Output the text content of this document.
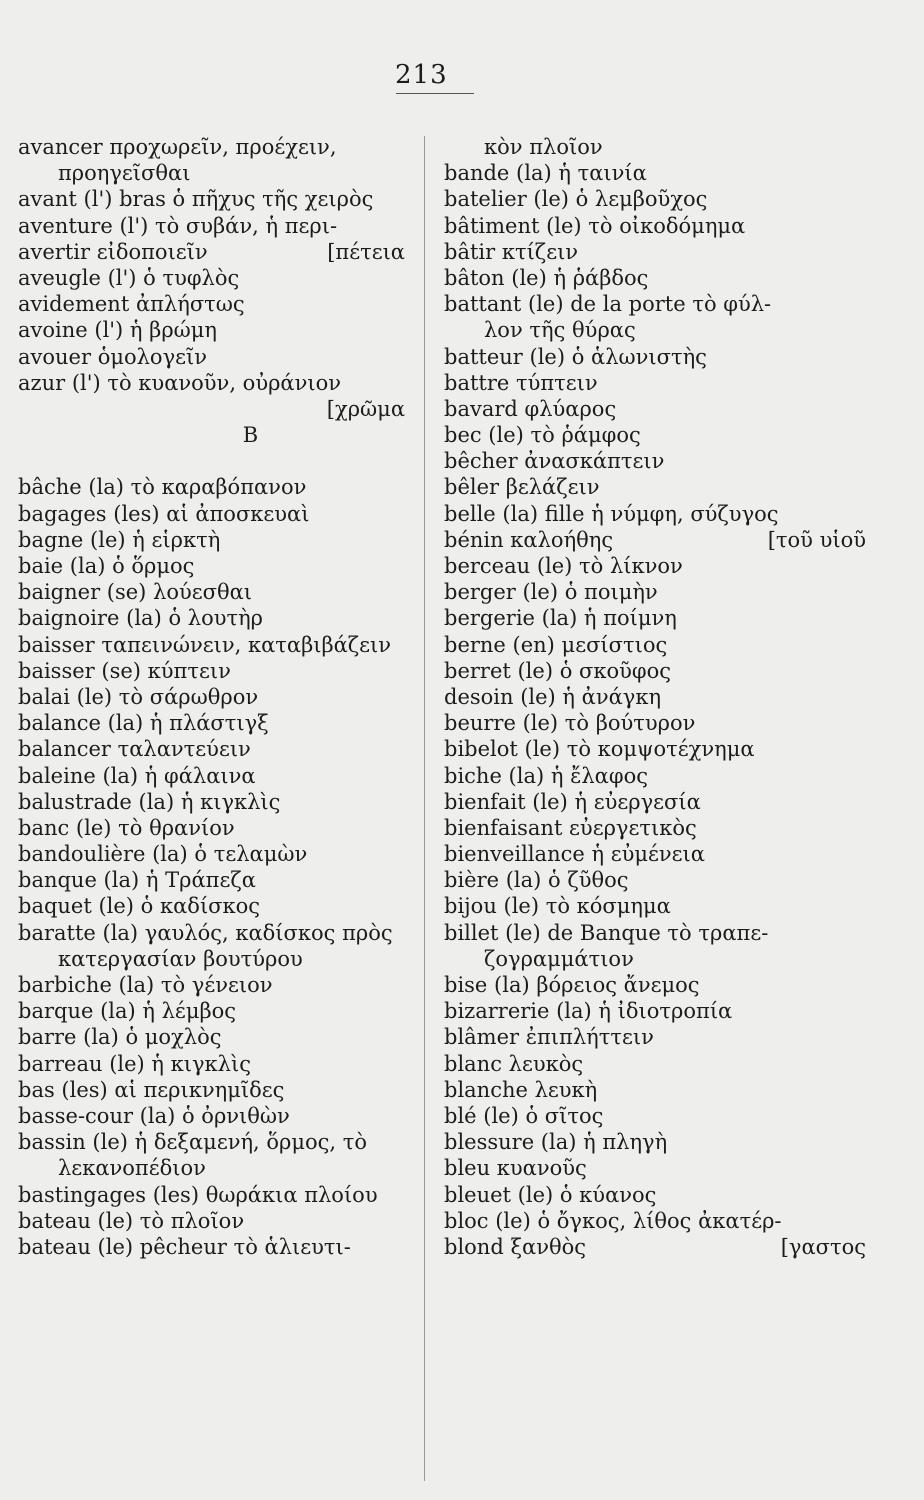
213
avancer προχωρεῖν, προέχειν,
προηγεῖσθαι
avant (l') bras ὁ πῆχυς τῆς χειρὸς
aventure (l') τὸ συβάν, ἡ περι-
[πέτεια
avertir εἰδοποιεῖν
aveugle (l') ὁ τυφλὸς
avidement ἀπλήστως
avoine (l') ἡ βρώμη
avouer ὁμολογεῖν
azur (l') τὸ κυανοῦν, οὐράνιον
[χρῶμα
B
bâche (la) τὸ καραβόπανον
bagages (les) αἱ ἀποσκευαὶ
bagne (le) ἡ εἱρκτὴ
baie (la) ὁ ὅρμος
baigner (se) λούεσθαι
baignoire (la) ὁ λουτὴρ
baisser ταπεινώνειν, καταβιβάζειν
baisser (se) κύπτειν
balai (le) τὸ σάρωθρον
balance (la) ἡ πλάστιγξ
balancer ταλαντεύειν
baleine (la) ἡ φάλαινα
balustrade (la) ἡ κιγκλὶς
banc (le) τὸ θρανίον
bandoulière (la) ὁ τελαμὼν
banque (la) ἡ Τράπεζα
baquet (le) ὁ καδίσκος
baratte (la) γαυλός, καδίσκος πρὸς
κατεργασίαν βουτύρου
barbiche (la) τὸ γένειον
barque (la) ἡ λέμβος
barre (la) ὁ μοχλὸς
barreau (le) ἡ κιγκλὶς
bas (les) αἱ περικνημῖδες
basse-cour (la) ὁ ὀρνιθὼν
bassin (le) ἡ δεξαμενή, ὅρμος, τὸ
λεκανοπέδιον
bastingages (les) θωράκια πλοίου
bateau (le) τὸ πλοῖον
bateau (le) pêcheur τὸ ἁλιευτι-
κὸν πλοῖον
bande (la) ἡ ταινία
batelier (le) ὁ λεμβοῦχος
bâtiment (le) τὸ οἰκοδόμημα
bâtir κτίζειν
bâton (le) ἡ ῥάβδος
battant (le) de la porte τὸ φύλ-
λον τῆς θύρας
batteur (le) ὁ ἁλωνιστὴς
battre τύπτειν
bavard φλύαρος
bec (le) τὸ ῥάμφος
bêcher ἀνασκάπτειν
bêler βελάζειν
belle (la) fille ἡ νύμφη, σύζυγος
[τοῦ υἱοῦ
bénin καλοήθης
berceau (le) τὸ λίκνον
berger (le) ὁ ποιμὴν
bergerie (la) ἡ ποίμνη
berne (en) μεσίστιος
berret (le) ὁ σκοῦφος
desoin (le) ἡ ἀνάγκη
beurre (le) τὸ βούτυρον
bibelot (le) τὸ κομψοτέχνημα
biche (la) ἡ ἔλαφος
bienfait (le) ἡ εὐεργεσία
bienfaisant εὐεργετικὸς
bienveillance ἡ εὐμένεια
bière (la) ὁ ζῦθος
bijou (le) τὸ κόσμημα
billet (le) de Banque τὸ τραπε-
ζογραμμάτιον
bise (la) βόρειος ἄνεμος
bizarrerie (la) ἡ ἰδιοτροπία
blâmer ἐπιπλήττειν
blanc λευκὸς
blanche λευκὴ
blé (le) ὁ σῖτος
blessure (la) ἡ πληγὴ
bleu κυανοῦς
bleuet (le) ὁ κύανος
bloc (le) ὁ ὄγκος, λίθος ἀκατέρ-
[γαστος
blond ξανθὸς
